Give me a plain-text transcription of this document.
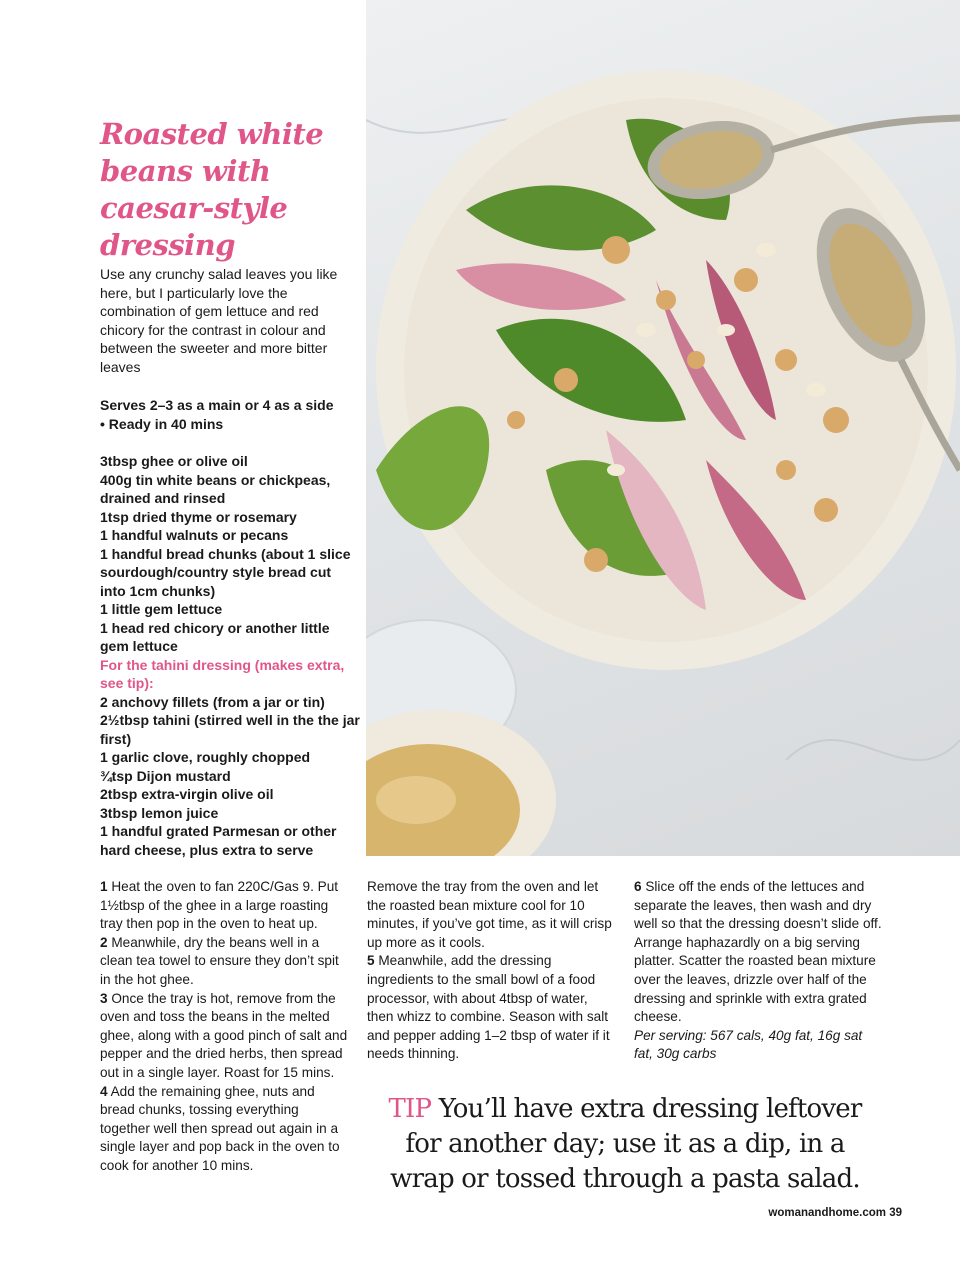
Roasted white beans with caesar-style dressing

Use any crunchy salad leaves you like here, but I particularly love the combination of gem lettuce and red chicory for the contrast in colour and between the sweeter and more bitter leaves

Serves 2–3 as a main or 4 as a side
• Ready in 40 mins
3tbsp ghee or olive oil
400g tin white beans or chickpeas, drained and rinsed
1tsp dried thyme or rosemary
1 handful walnuts or pecans
1 handful bread chunks (about 1 slice sourdough/country style bread cut into 1cm chunks)
1 little gem lettuce
1 head red chicory or another little gem lettuce
For the tahini dressing (makes extra, see tip):
2 anchovy fillets (from a jar or tin)
2½tbsp tahini (stirred well in the the jar first)
1 garlic clove, roughly chopped
¾tsp Dijon mustard
2tbsp extra-virgin olive oil
3tbsp lemon juice
1 handful grated Parmesan or other hard cheese, plus extra to serve

1 Heat the oven to fan 220C/Gas 9. Put 1½tbsp of the ghee in a large roasting tray then pop in the oven to heat up.

2 Meanwhile, dry the beans well in a clean tea towel to ensure they don’t spit in the hot ghee.

3 Once the tray is hot, remove from the oven and toss the beans in the melted ghee, along with a good pinch of salt and pepper and the dried herbs, then spread out in a single layer. Roast for 15 mins.

4 Add the remaining ghee, nuts and bread chunks, tossing everything together well then spread out again in a single layer and pop back in the oven to cook for another 10 mins.

Remove the tray from the oven and let the roasted bean mixture cool for 10 minutes, if you’ve got time, as it will crisp up more as it cools.

5 Meanwhile, add the dressing ingredients to the small bowl of a food processor, with about 4tbsp of water, then whizz to combine. Season with salt and pepper adding 1–2 tbsp of water if it needs thinning.

6 Slice off the ends of the lettuces and separate the leaves, then wash and dry well so that the dressing doesn’t slide off. Arrange haphazardly on a big serving platter. Scatter the roasted bean mixture over the leaves, drizzle over half of the dressing and sprinkle with extra grated cheese.

Per serving: 567 cals, 40g fat, 16g sat fat, 30g carbs

TIP You’ll have extra dressing leftover for another day; use it as a dip, in a wrap or tossed through a pasta salad.

womanandhome.com 39
